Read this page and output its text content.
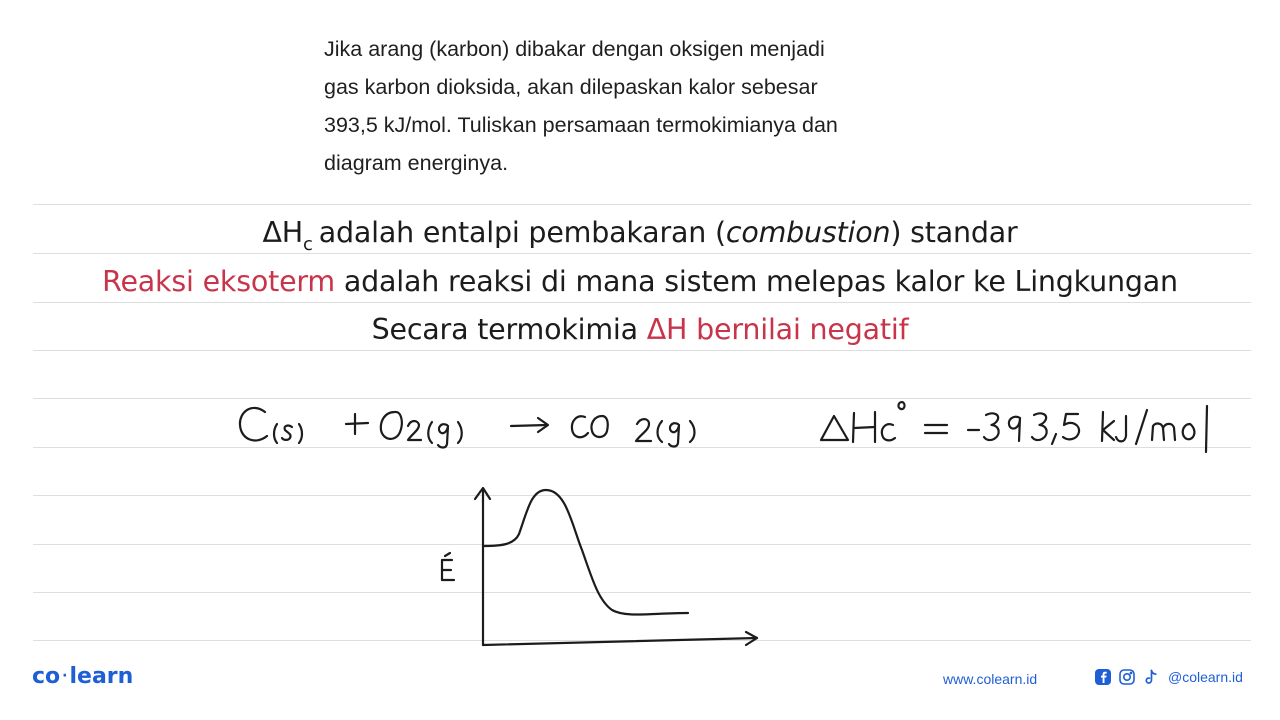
Jika arang (karbon) dibakar dengan oksigen menjadi
gas karbon dioksida, akan dilepaskan kalor sebesar
393,5 kJ/mol. Tuliskan persamaan termokimianya dan
diagram energinya.
$\Delta H_c$ adalah entalpi pembakaran (combustion) standar
Reaksi eksoterm adalah reaksi di mana sistem melepas kalor ke Lingkungan
Secara termokimia ΔH bernilai negatif
co ·learn	www.colearn.id	@colearn.id
